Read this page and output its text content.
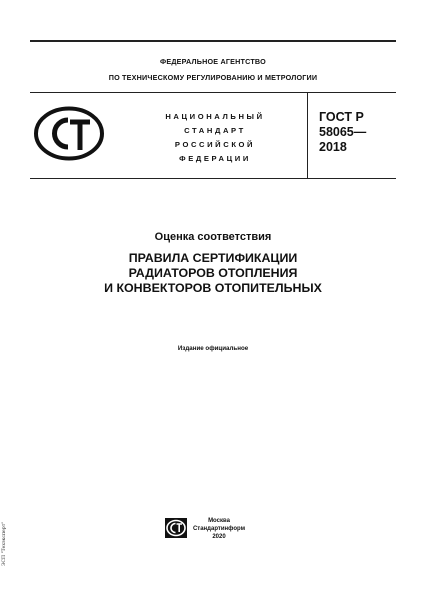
ФЕДЕРАЛЬНОЕ АГЕНТСТВО
ПО ТЕХНИЧЕСКОМУ РЕГУЛИРОВАНИЮ И МЕТРОЛОГИИ
НАЦИОНАЛЬНЫЙ
СТАНДАРТ
РОССИЙСКОЙ
ФЕДЕРАЦИИ
ГОСТ Р
58065—
2018
Оценка соответствия
ПРАВИЛА СЕРТИФИКАЦИИ
РАДИАТОРОВ ОТОПЛЕНИЯ
И КОНВЕКТОРОВ ОТОПИТЕЛЬНЫХ
Издание официальное
Москва
Стандартинформ
2020
ЭСП "Техэксперт"
